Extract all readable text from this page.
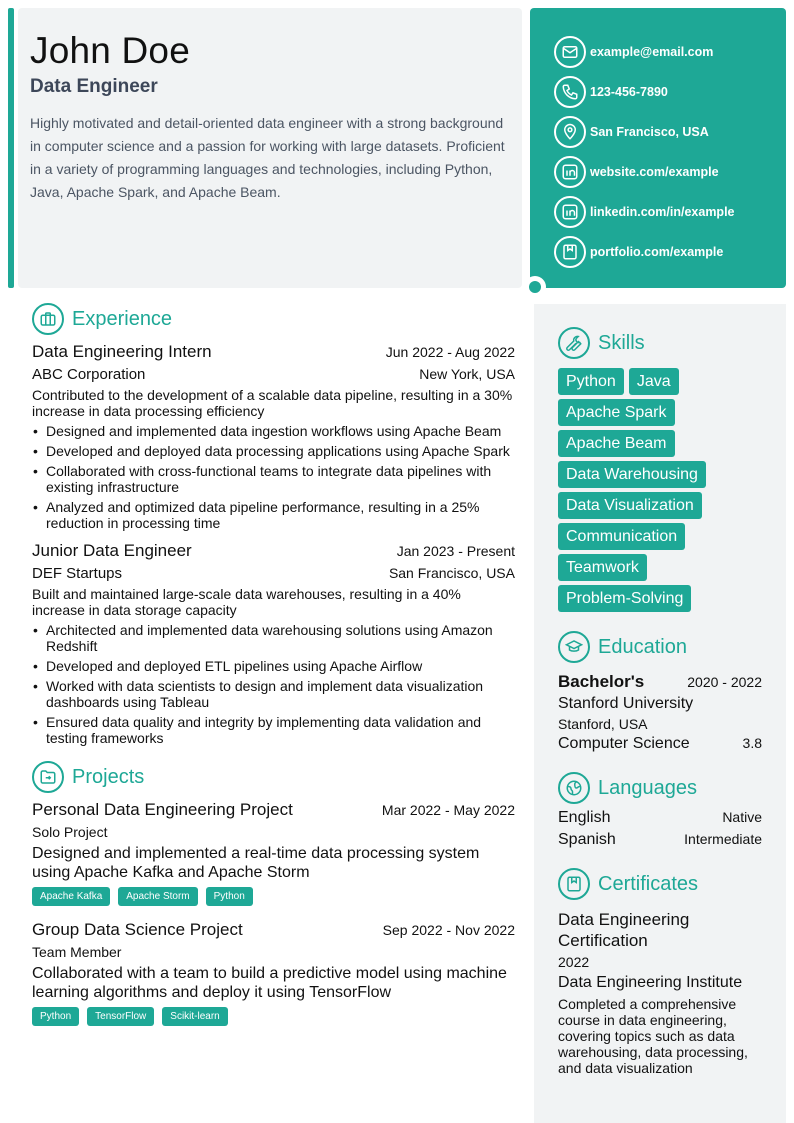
John Doe
Data Engineer

Highly motivated and detail-oriented data engineer with a strong background in computer science and a passion for working with large datasets. Proficient in a variety of programming languages and technologies, including Python, Java, Apache Spark, and Apache Beam.

example@email.com
123-456-7890
San Francisco, USA
website.com/example
linkedin.com/in/example
portfolio.com/example
Experience
Data Engineering Intern	Jun 2022 - Aug 2022
ABC Corporation	New York, USA

Contributed to the development of a scalable data pipeline, resulting in a 30% increase in data processing efficiency

• Designed and implemented data ingestion workflows using Apache Beam
• Developed and deployed data processing applications using Apache Spark
• Collaborated with cross-functional teams to integrate data pipelines with existing infrastructure
• Analyzed and optimized data pipeline performance, resulting in a 25% reduction in processing time
Junior Data Engineer	Jan 2023 - Present
DEF Startups	San Francisco, USA

Built and maintained large-scale data warehouses, resulting in a 40% increase in data storage capacity

• Architected and implemented data warehousing solutions using Amazon Redshift
• Developed and deployed ETL pipelines using Apache Airflow
• Worked with data scientists to design and implement data visualization dashboards using Tableau
• Ensured data quality and integrity by implementing data validation and testing frameworks
Projects
Personal Data Engineering Project	Mar 2022 - May 2022
Solo Project

Designed and implemented a real-time data processing system using Apache Kafka and Apache Storm

Apache Kafka	Apache Storm	Python
Group Data Science Project	Sep 2022 - Nov 2022
Team Member

Collaborated with a team to build a predictive model using machine learning algorithms and deploy it using TensorFlow

Python	TensorFlow	Scikit-learn
Skills
Python	Java
Apache Spark
Apache Beam
Data Warehousing
Data Visualization
Communication
Teamwork
Problem-Solving
Education
Bachelor's	2020 - 2022
Stanford University
Stanford, USA
Computer Science	3.8
Languages
English	Native
Spanish	Intermediate
Certificates
Data Engineering Certification
2022
Data Engineering Institute

Completed a comprehensive course in data engineering, covering topics such as data warehousing, data processing, and data visualization
